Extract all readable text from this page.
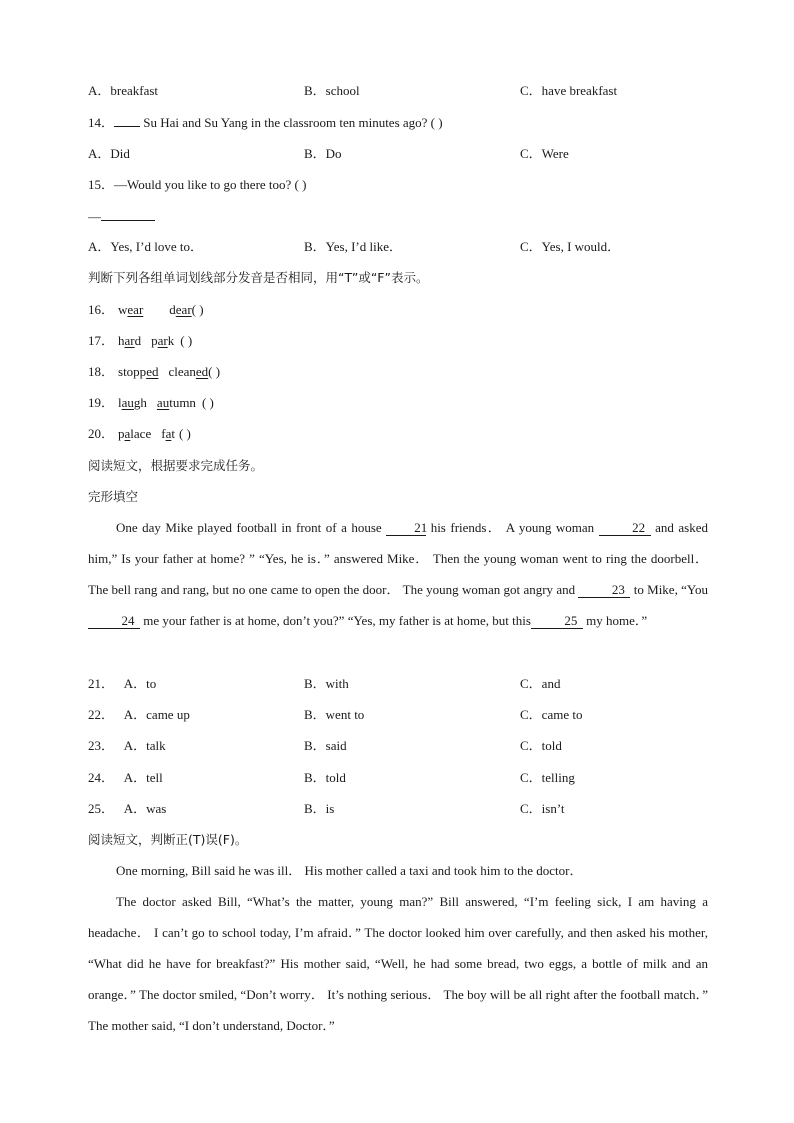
A．breakfast	B．school	C．have breakfast
14． Su Hai and Su Yang in the classroom ten minutes ago? ( )
A．Did	B．Do	C．Were
15．—Would you like to go there too? ( )
—
A．Yes, I’d love to．	B．Yes, I’d like．	C．Yes, I would．
判断下列各组单词划线部分发音是否相同，用“T”或“F”表示。
16． wear dear( )
17． hard park ( )
18． stopped cleaned( )
19． laugh autumn ( )
20． palace fat ( )
阅读短文，根据要求完成任务。
完形填空
One day Mike played football in front of a house 21 his friends． A young woman	22 and asked him,” Is your father at home? ” “Yes, he is．” answered Mike． Then the young woman went to ring the doorbell． The bell rang and rang, but no one came to open the door． The young woman got angry and	23 to Mike, “You 24 me your father is at home, don’t you?” “Yes, my father is at home, but this	25 my home．”
21． A．to	B．with	C．and
22． A．came up	B．went to	C．came to
23． A．talk	B．said	C．told
24． A．tell	B．told	C．telling
25． A．was	B．is	C．isn’t
阅读短文，判断正(T)误(F)。
One morning, Bill said he was ill． His mother called a taxi and took him to the doctor．
The doctor asked Bill, “What’s the matter, young man?” Bill answered, “I’m feeling sick, I am having a headache． I can’t go to school today, I’m afraid．” The doctor looked him over carefully, and then asked his mother, “What did he have for breakfast?” His mother said, “Well, he had some bread, two eggs, a bottle of milk and an orange．” The doctor smiled, “Don’t worry． It’s nothing serious． The boy will be all right after the football match．” The mother said, “I don’t understand, Doctor．”
